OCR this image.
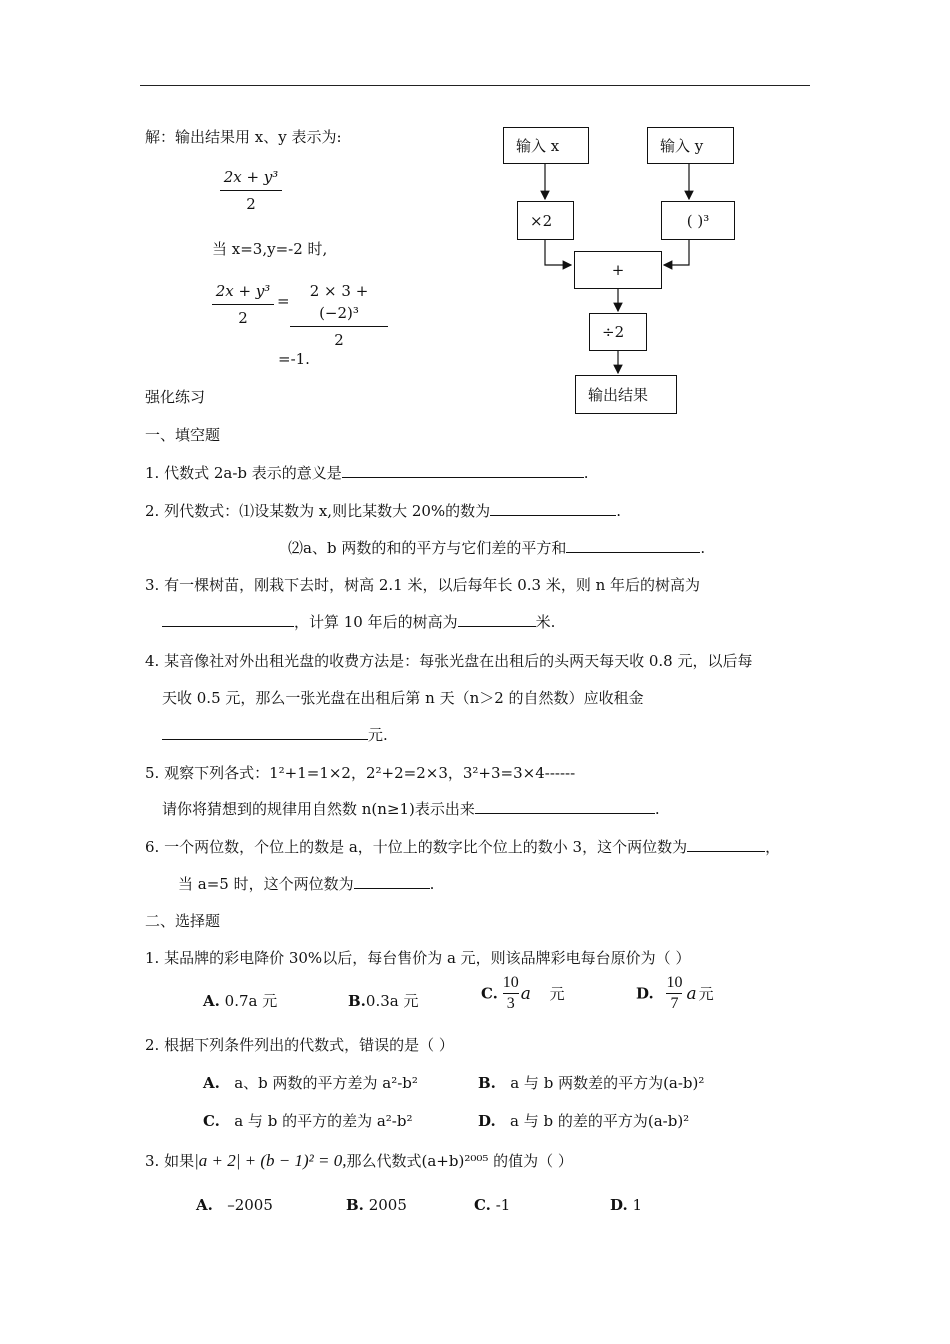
解：输出结果用 x、y 表示为:
2x + y³
2
当 x=3,y=-2 时,
2x + y³
2
=
2 × 3 + (−2)³
2
=-1.
输入 x	输入 y
×2	( )³
+
÷2
输出结果
强化练习
一、填空题
1. 代数式 2a-b 表示的意义是	.
2. 列代数式：⑴设某数为 x,则比某数大 20%的数为	.
⑵a、b 两数的和的平方与它们差的平方和	.
3. 有一棵树苗，刚栽下去时，树高 2.1 米，以后每年长 0.3 米，则 n 年后的树高为
，计算 10 年后的树高为	米.
4. 某音像社对外出租光盘的收费方法是：每张光盘在出租后的头两天每天收 0.8 元，以后每
天收 0.5 元，那么一张光盘在出租后第 n 天（n＞2 的自然数）应收租金
元.
5. 观察下列各式：1²+1=1×2，2²+2=2×3，3²+3=3×4------
请你将猜想到的规律用自然数 n(n≥1)表示出来	.
6. 一个两位数，个位上的数是 a，十位上的数字比个位上的数小 3，这个两位数为	，
当 a=5 时，这个两位数为	.
二、选择题
1. 某品牌的彩电降价 30%以后，每台售价为 a 元，则该品牌彩电每台原价为（ ）
A. 0.7a 元	B.0.3a 元	C. $\frac{10}{3}$ a 元	D. $\frac{10}{7}$ a 元
2. 根据下列条件列出的代数式，错误的是（ ）
A. a、b 两数的平方差为 a²-b²	B. a 与 b 两数差的平方为(a-b)²
C. a 与 b 的平方的差为 a²-b²	D. a 与 b 的差的平方为(a-b)²
3. 如果|a + 2| + (b − 1)² = 0,那么代数式(a+b)²⁰⁰⁵ 的值为（ ）
A. –2005	B. 2005	C. -1	D. 1
